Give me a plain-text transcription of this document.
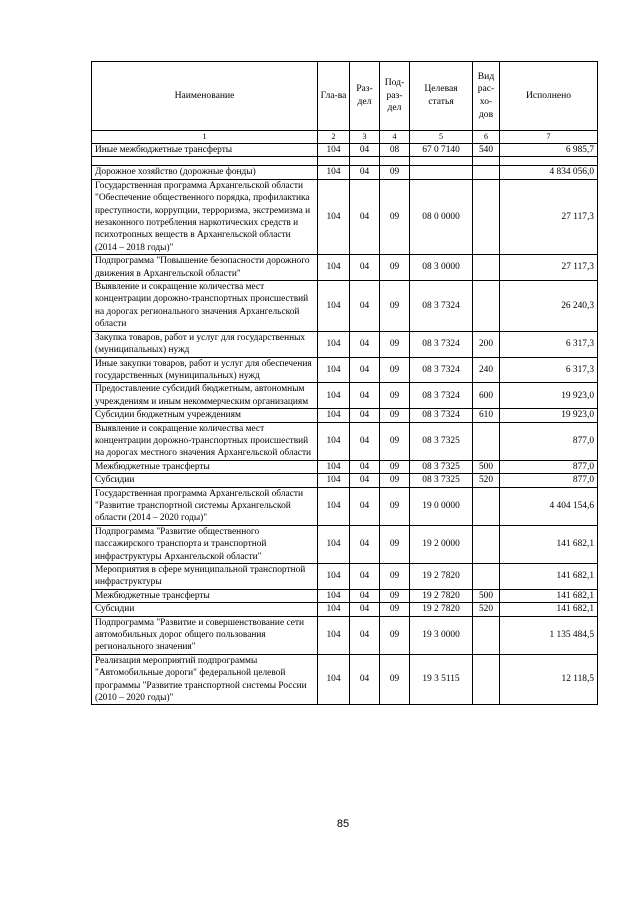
Наименование	Гла-ва	Раз-дел	Под-раз-дел	Целевая статья	Вид рас-хо-дов	Исполнено
1	2	3	4	5	6	7
Иные межбюджетные трансферты	104	04	08	67 0 7140	540	6 985,7

Дорожное хозяйство (дорожные фонды)	104	04	09			4 834 056,0
Государственная программа Архангельской области "Обеспечение общественного порядка, профилактика преступности, коррупции, терроризма, экстремизма и незаконного потребления наркотических средств и психотропных веществ в Архангельской области (2014 – 2018 годы)"	104	04	09	08 0 0000		27 117,3
Подпрограмма "Повышение безопасности дорожного движения в Архангельской области"	104	04	09	08 3 0000		27 117,3
Выявление и сокращение количества мест концентрации дорожно-транспортных происшествий на дорогах регионального значения Архангельской области	104	04	09	08 3 7324		26 240,3
Закупка товаров, работ и услуг для государственных (муниципальных) нужд	104	04	09	08 3 7324	200	6 317,3
Иные закупки товаров, работ и услуг для обеспечения государственных (муниципальных) нужд	104	04	09	08 3 7324	240	6 317,3
Предоставление субсидий бюджетным, автономным учреждениям и иным некоммерческим организациям	104	04	09	08 3 7324	600	19 923,0
Субсидии бюджетным учреждениям	104	04	09	08 3 7324	610	19 923,0
Выявление и сокращение количества мест концентрации дорожно-транспортных происшествий на дорогах местного значения Архангельской области	104	04	09	08 3 7325		877,0
Межбюджетные трансферты	104	04	09	08 3 7325	500	877,0
Субсидии	104	04	09	08 3 7325	520	877,0
Государственная программа Архангельской области "Развитие транспортной системы Архангельской области (2014 – 2020 годы)"	104	04	09	19 0 0000		4 404 154,6
Подпрограмма "Развитие общественного пассажирского транспорта и транспортной инфраструктуры Архангельской области"	104	04	09	19 2 0000		141 682,1
Мероприятия в сфере муниципальной транспортной инфраструктуры	104	04	09	19 2 7820		141 682,1
Межбюджетные трансферты	104	04	09	19 2 7820	500	141 682,1
Субсидии	104	04	09	19 2 7820	520	141 682,1
Подпрограмма "Развитие и совершенствование сети автомобильных дорог общего пользования регионального значения"	104	04	09	19 3 0000		1 135 484,5
Реализация мероприятий подпрограммы "Автомобильные дороги" федеральной целевой программы "Развитие транспортной системы России (2010 – 2020 годы)"	104	04	09	19 3 5115		12 118,5
85
